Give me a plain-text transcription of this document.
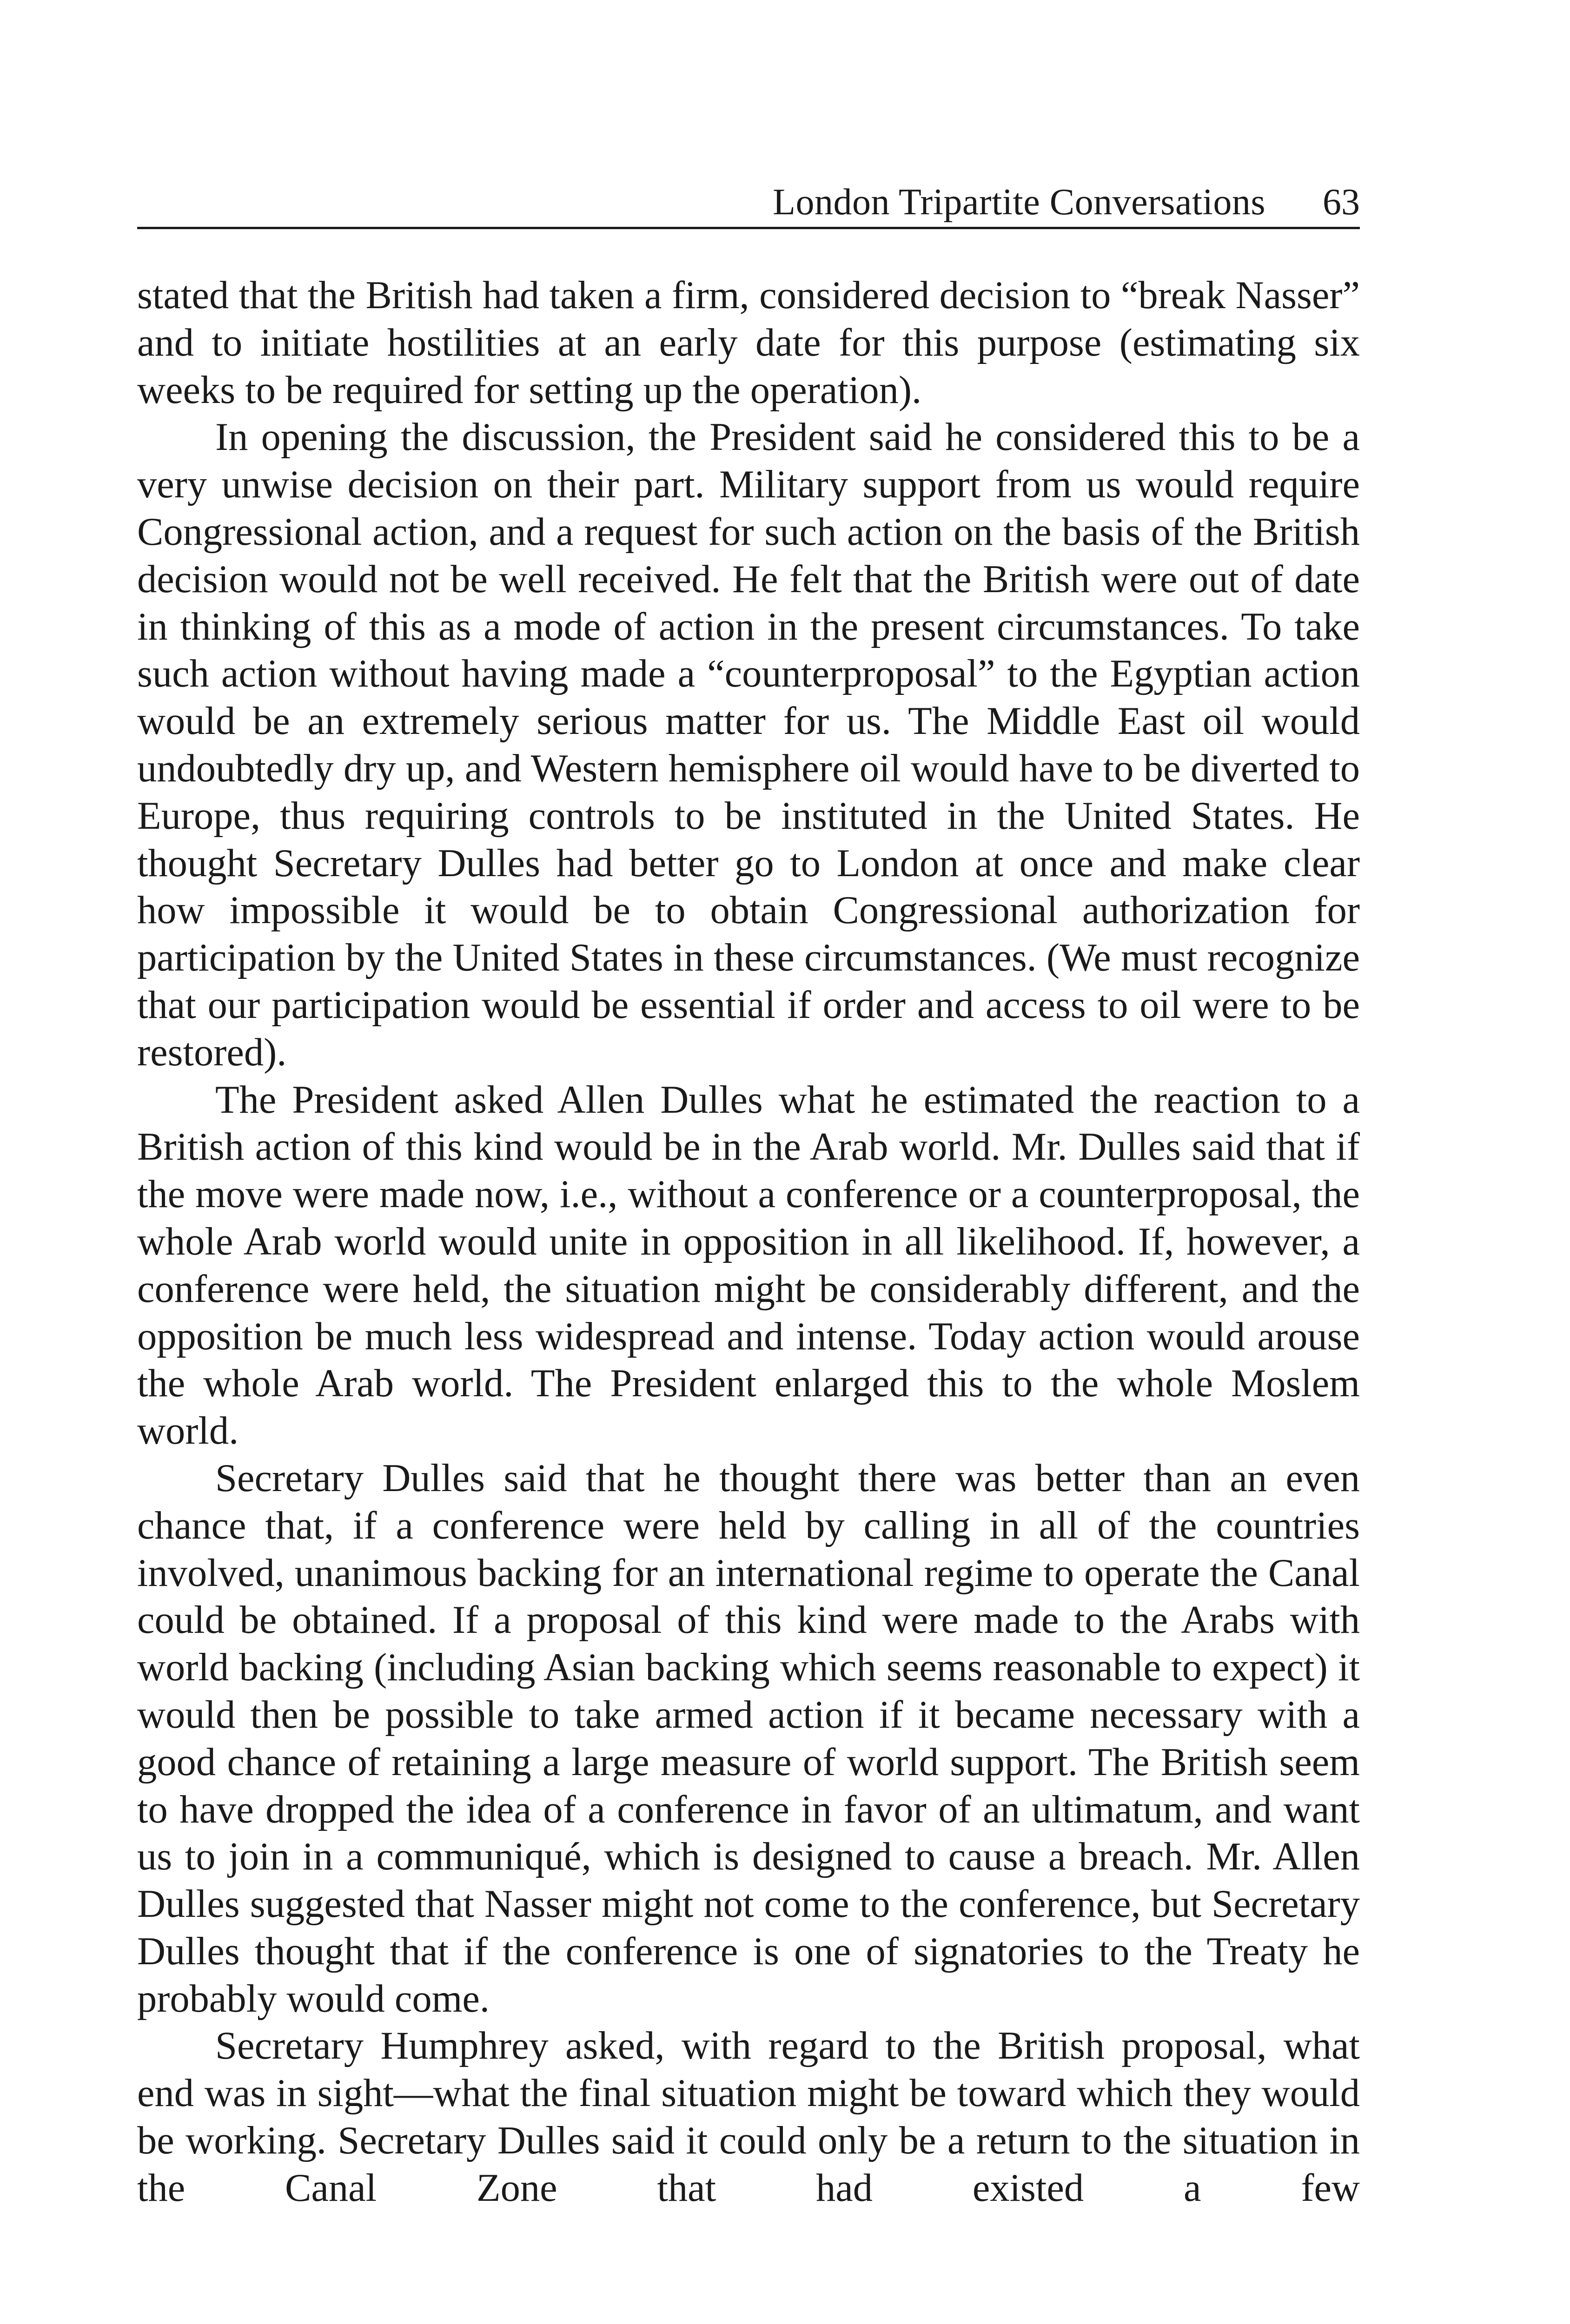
London Tripartite Conversations 63

stated that the British had taken a firm, considered decision to “break Nasser” and to initiate hostilities at an early date for this purpose (estimating six weeks to be required for setting up the operation).

In opening the discussion, the President said he considered this to be a very unwise decision on their part. Military support from us would require Congressional action, and a request for such action on the basis of the British decision would not be well received. He felt that the British were out of date in thinking of this as a mode of action in the present circumstances. To take such action without having made a “counterproposal” to the Egyptian action would be an extremely serious matter for us. The Middle East oil would undoubtedly dry up, and Western hemisphere oil would have to be diverted to Europe, thus requiring controls to be instituted in the United States. He thought Secretary Dulles had better go to London at once and make clear how impossible it would be to obtain Congressional authorization for participation by the United States in these circumstances. (We must recognize that our participation would be essential if order and access to oil were to be restored).

The President asked Allen Dulles what he estimated the reaction to a British action of this kind would be in the Arab world. Mr. Dulles said that if the move were made now, i.e., without a conference or a counterproposal, the whole Arab world would unite in opposition in all likelihood. If, however, a conference were held, the situation might be considerably different, and the opposition be much less widespread and intense. Today action would arouse the whole Arab world. The President enlarged this to the whole Moslem world.

Secretary Dulles said that he thought there was better than an even chance that, if a conference were held by calling in all of the countries involved, unanimous backing for an international regime to operate the Canal could be obtained. If a proposal of this kind were made to the Arabs with world backing (including Asian backing which seems reasonable to expect) it would then be possible to take armed action if it became necessary with a good chance of retaining a large measure of world support. The British seem to have dropped the idea of a conference in favor of an ultimatum, and want us to join in a communiqué, which is designed to cause a breach. Mr. Allen Dulles suggested that Nasser might not come to the conference, but Secretary Dulles thought that if the conference is one of signatories to the Treaty he probably would come.

Secretary Humphrey asked, with regard to the British proposal, what end was in sight—what the final situation might be toward which they would be working. Secretary Dulles said it could only be a return to the situation in the Canal Zone that had existed a few
